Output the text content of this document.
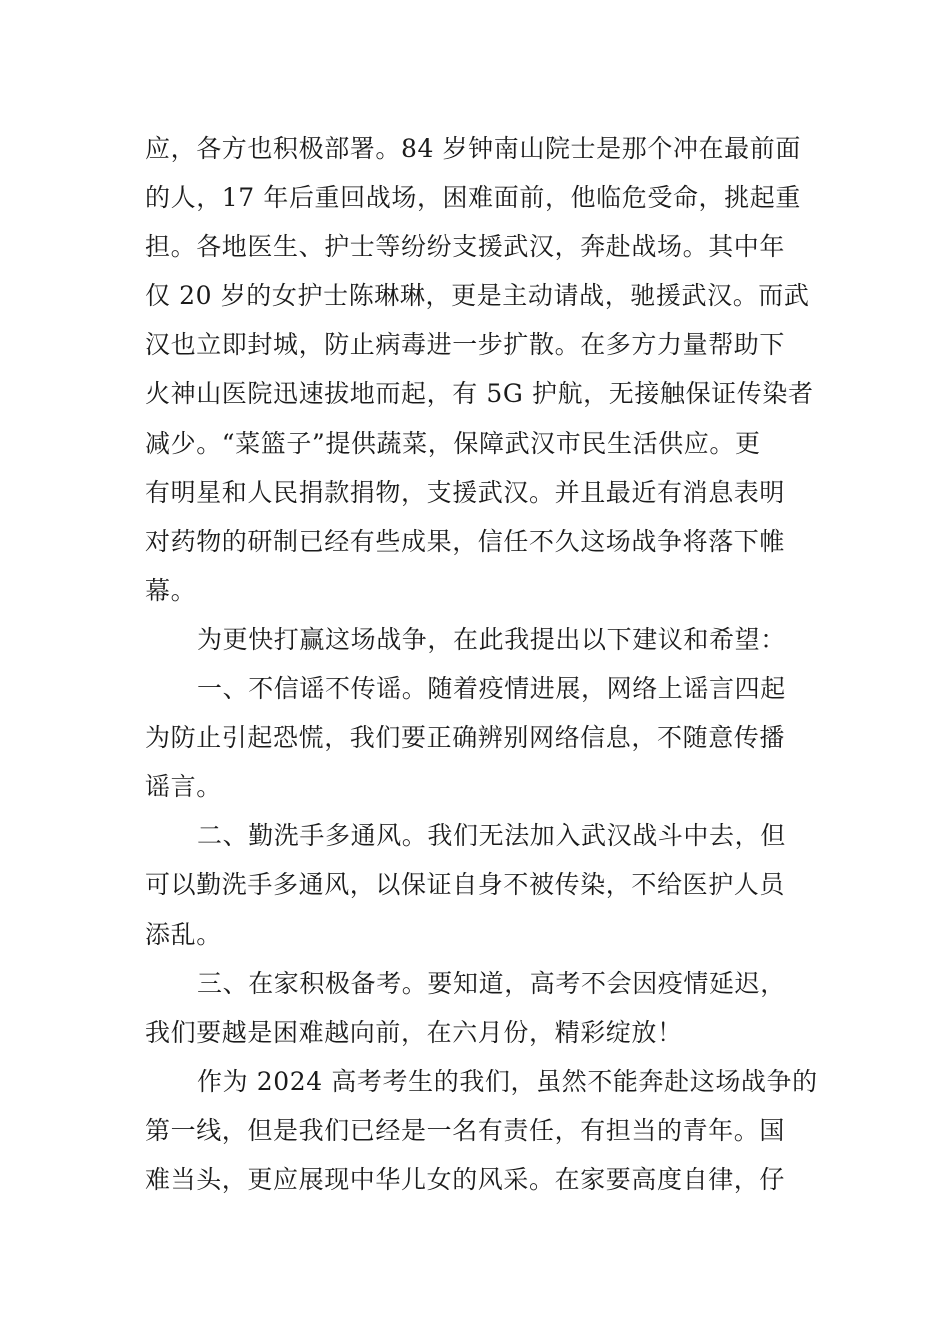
应，各方也积极部署。84 岁钟南山院士是那个冲在最前面
的人，17 年后重回战场，困难面前，他临危受命，挑起重
担。各地医生、护士等纷纷支援武汉，奔赴战场。其中年
仅 20 岁的女护士陈琳琳，更是主动请战，驰援武汉。而武
汉也立即封城，防止病毒进一步扩散。在多方力量帮助下
火神山医院迅速拔地而起，有 5G 护航，无接触保证传染者
减少。“菜篮子”提供蔬菜，保障武汉市民生活供应。更
有明星和人民捐款捐物，支援武汉。并且最近有消息表明
对药物的研制已经有些成果，信任不久这场战争将落下帷
幕。
为更快打赢这场战争，在此我提出以下建议和希望：
一、不信谣不传谣。随着疫情进展，网络上谣言四起
为防止引起恐慌，我们要正确辨别网络信息，不随意传播
谣言。
二、勤洗手多通风。我们无法加入武汉战斗中去，但
可以勤洗手多通风，以保证自身不被传染，不给医护人员
添乱。
三、在家积极备考。要知道，高考不会因疫情延迟，
我们要越是困难越向前，在六月份，精彩绽放！
作为 2024 高考考生的我们，虽然不能奔赴这场战争的
第一线，但是我们已经是一名有责任，有担当的青年。国
难当头，更应展现中华儿女的风采。在家要高度自律，仔
